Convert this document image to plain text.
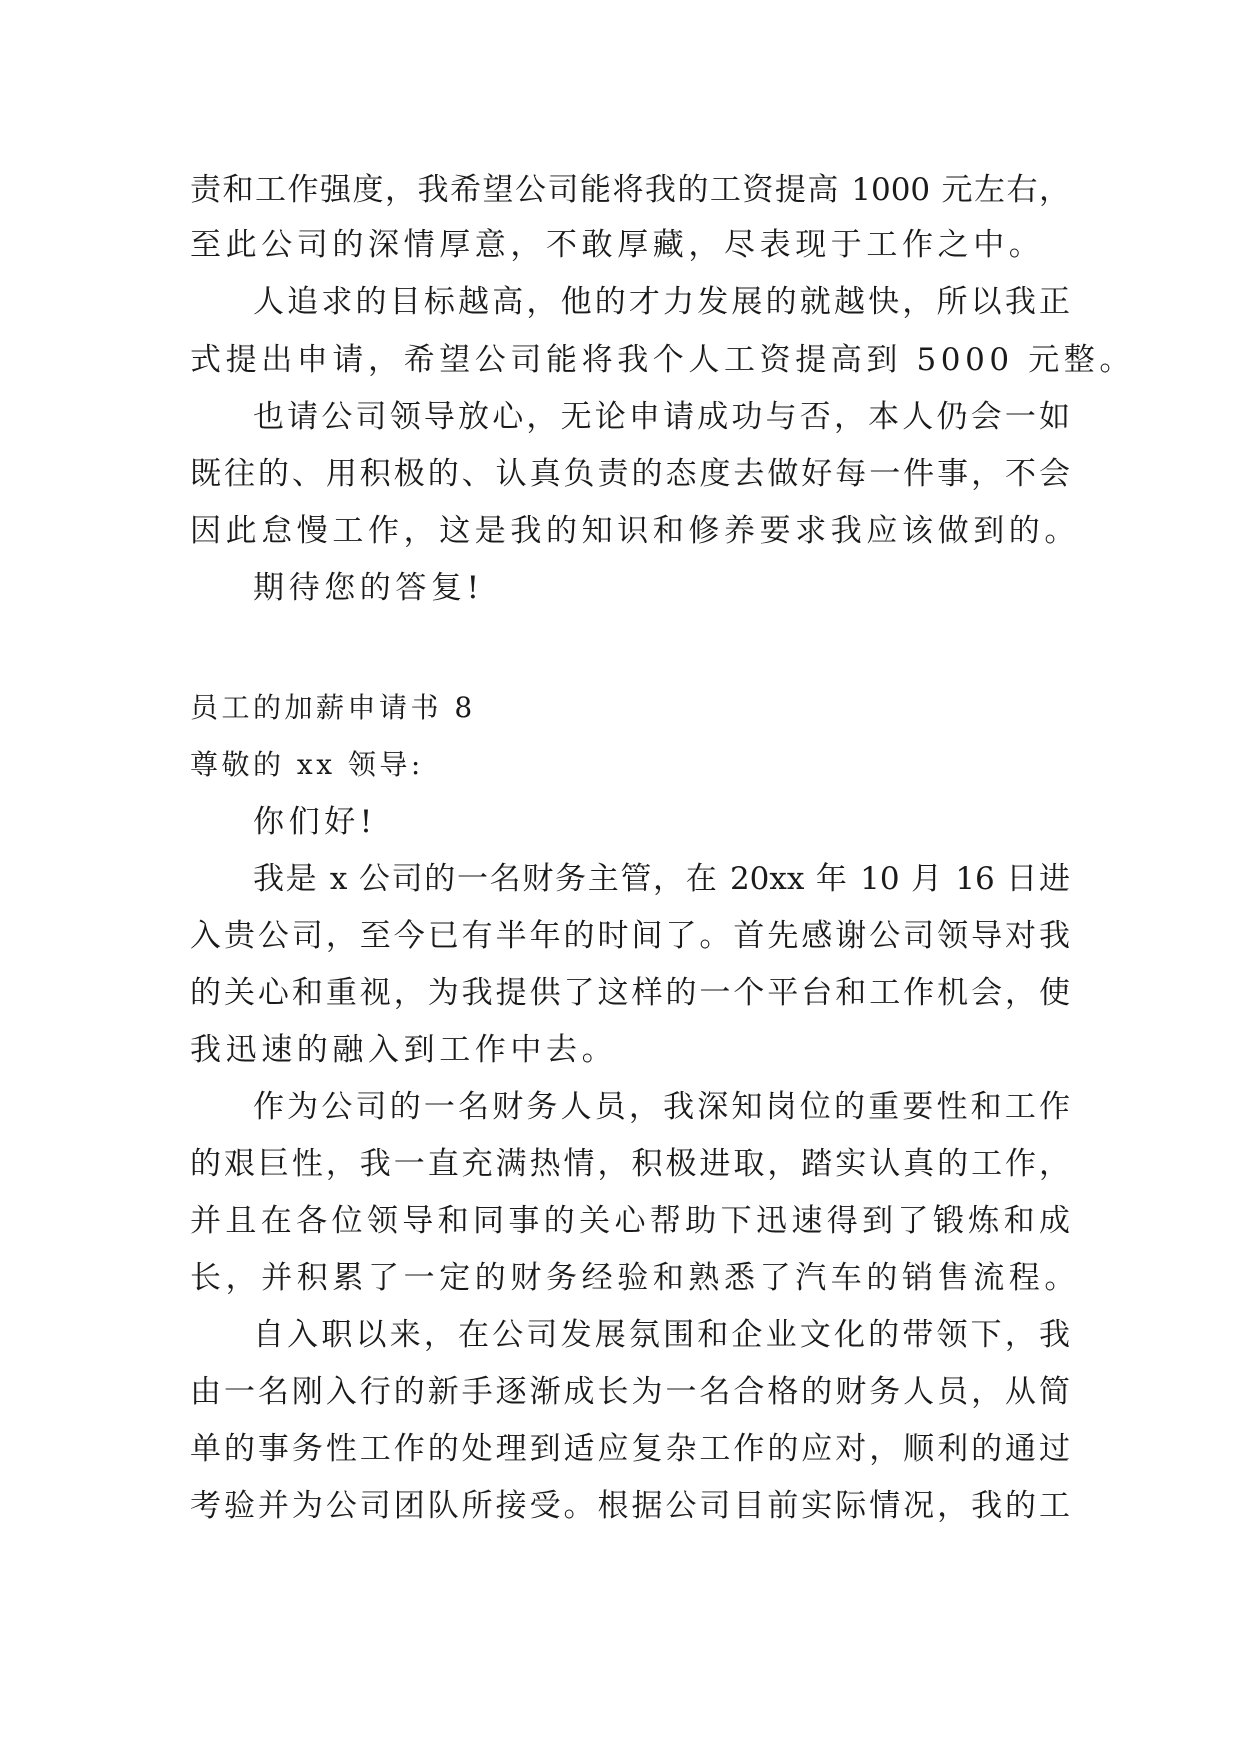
责和工作强度，我希望公司能将我的工资提高 1000 元左右，
至此公司的深情厚意，不敢厚藏，尽表现于工作之中。
人追求的目标越高，他的才力发展的就越快，所以我正
式提出申请，希望公司能将我个人工资提高到 5000 元整。
也请公司领导放心，无论申请成功与否，本人仍会一如
既往的、用积极的、认真负责的态度去做好每一件事，不会
因此怠慢工作，这是我的知识和修养要求我应该做到的。
期待您的答复!
员工的加薪申请书 8
尊敬的 xx 领导:
你们好!
我是 x 公司的一名财务主管，在 20xx 年 10 月 16 日进
入贵公司，至今已有半年的时间了。首先感谢公司领导对我
的关心和重视，为我提供了这样的一个平台和工作机会，使
我迅速的融入到工作中去。
作为公司的一名财务人员，我深知岗位的重要性和工作
的艰巨性，我一直充满热情，积极进取，踏实认真的工作，
并且在各位领导和同事的关心帮助下迅速得到了锻炼和成
长，并积累了一定的财务经验和熟悉了汽车的销售流程。
自入职以来，在公司发展氛围和企业文化的带领下，我
由一名刚入行的新手逐渐成长为一名合格的财务人员，从简
单的事务性工作的处理到适应复杂工作的应对，顺利的通过
考验并为公司团队所接受。根据公司目前实际情况，我的工
